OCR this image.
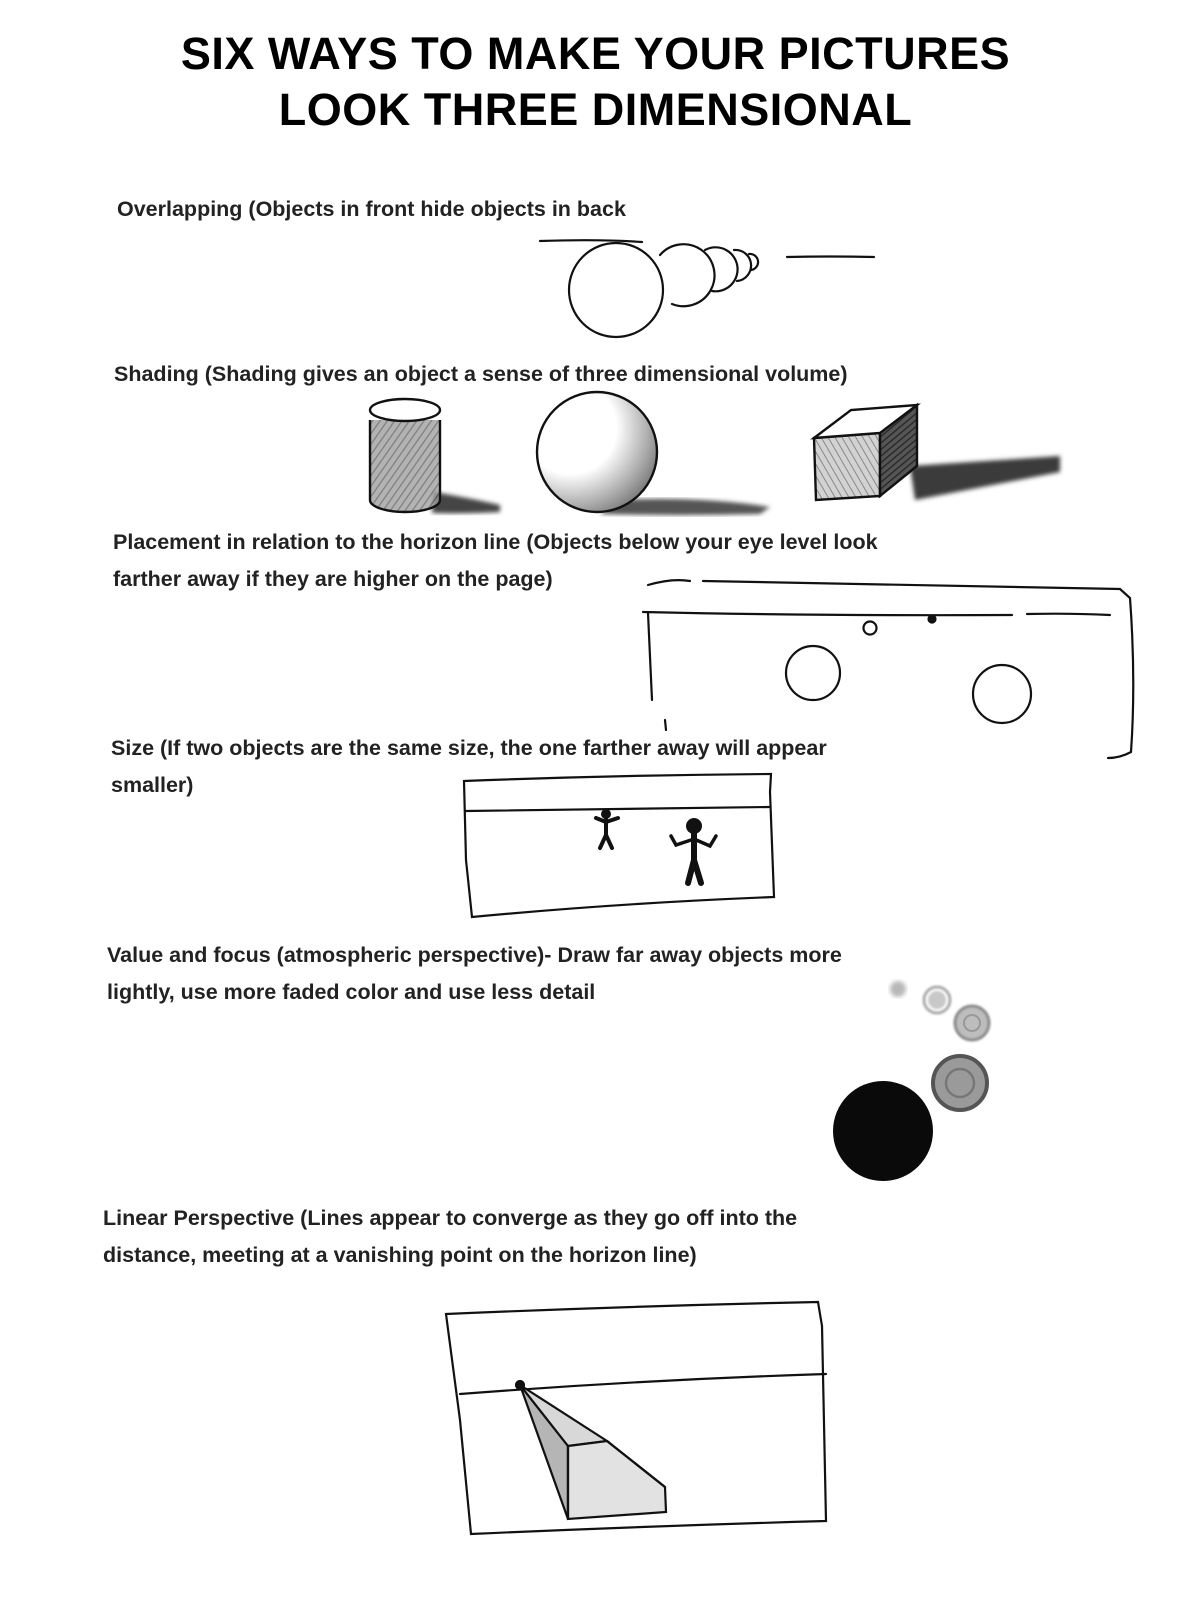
SIX WAYS TO MAKE YOUR PICTURES
LOOK THREE DIMENSIONAL
Overlapping (Objects in front hide objects in back
Shading (Shading gives an object a sense of three dimensional volume)
Placement in relation to the horizon line (Objects below your eye level look
farther away if they are higher on the page)
Size (If two objects are the same size, the one farther away will appear
smaller)
Value and focus (atmospheric perspective)- Draw far away objects more
lightly, use more faded color and use less detail
Linear Perspective (Lines appear to converge as they go off into the
distance, meeting at a vanishing point on the horizon line)
